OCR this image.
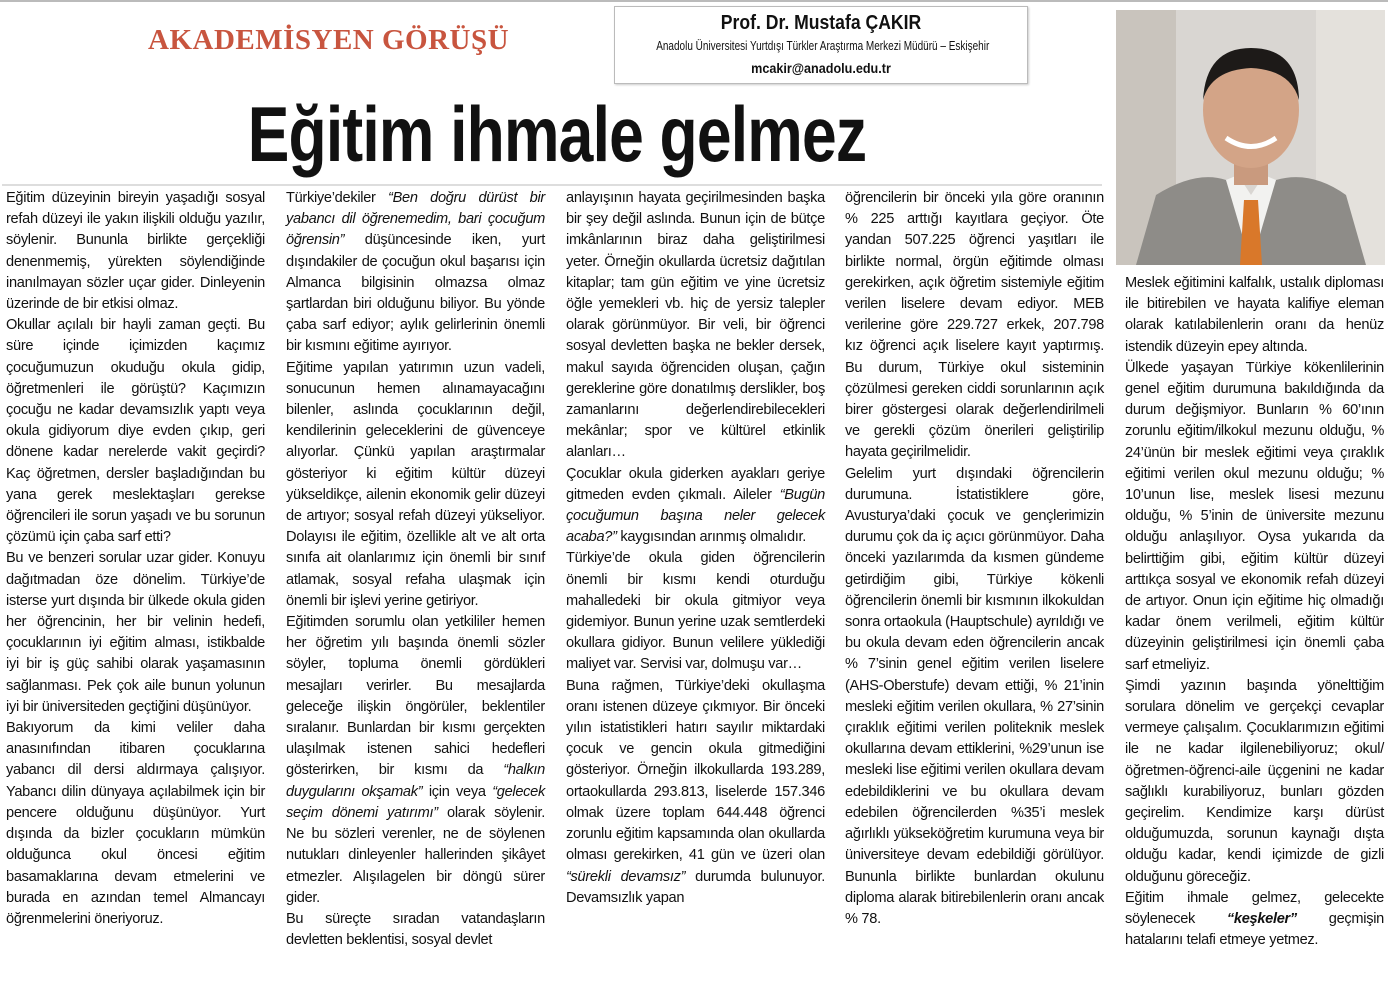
AKADEMİSYEN GÖRÜŞÜ
Prof. Dr. Mustafa ÇAKIR
Anadolu Üniversitesi Yurtdışı Türkler Araştırma Merkezi Müdürü – Eskişehir
mcakir@anadolu.edu.tr
Eğitim ihmale gelmez

Eğitim düzeyinin bireyin yaşadığı sosyal refah düzeyi ile yakın ilişkili olduğu yazılır, söylenir. Bununla birlikte gerçekliği denenmemiş, yürekten söylendiğinde inanılmayan sözler uçar gider. Dinleyenin üzerinde de bir etkisi olmaz.

Okullar açılalı bir hayli zaman geçti. Bu süre içinde içimizden kaçımız çocuğumuzun okuduğu okula gidip, öğretmenleri ile görüştü? Kaçımızın çocuğu ne kadar devamsızlık yaptı veya okula gidiyorum diye evden çıkıp, geri dönene kadar nerelerde vakit geçirdi? Kaç öğretmen, dersler başladığından bu yana gerek meslektaşları gerekse öğrencileri ile sorun yaşadı ve bu sorunun çözümü için çaba sarf etti?

Bu ve benzeri sorular uzar gider. Konuyu dağıtmadan öze dönelim. Türkiye’de isterse yurt dışında bir ülkede okula giden her öğrencinin, her bir velinin hedefi, çocuklarının iyi eğitim alması, istikbalde iyi bir iş güç sahibi olarak yaşamasının sağlanması. Pek çok aile bunun yolunun iyi bir üniversiteden geçtiğini düşünüyor.

Bakıyorum da kimi veliler daha anasınıfından itibaren çocuklarına yabancı dil dersi aldırmaya çalışıyor. Yabancı dilin dünyaya açılabilmek için bir pencere olduğunu düşünüyor. Yurt dışında da bizler çocukların mümkün olduğunca okul öncesi eğitim basamaklarına devam etmelerini ve burada en azından temel Almancayı öğrenmelerini öneriyoruz.

Türkiye’dekiler “Ben doğru dürüst bir yabancı dil öğrenemedim, bari çocuğum öğrensin” düşüncesinde iken, yurt dışındakiler de çocuğun okul başarısı için Almanca bilgisinin olmazsa olmaz şartlardan biri olduğunu biliyor. Bu yönde çaba sarf ediyor; aylık gelirlerinin önemli bir kısmını eğitime ayırıyor.

Eğitime yapılan yatırımın uzun vadeli, sonucunun hemen alınamayacağını bilenler, aslında çocuklarının değil, kendilerinin geleceklerini de güvenceye alıyorlar. Çünkü yapılan araştırmalar gösteriyor ki eğitim kültür düzeyi yükseldikçe, ailenin ekonomik gelir düzeyi de artıyor; sosyal refah düzeyi yükseliyor. Dolayısı ile eğitim, özellikle alt ve alt orta sınıfa ait olanlarımız için önemli bir sınıf atlamak, sosyal refaha ulaşmak için önemli bir işlevi yerine getiriyor.

Eğitimden sorumlu olan yetkililer hemen her öğretim yılı başında önemli sözler söyler, topluma önemli gördükleri mesajları verirler. Bu mesajlarda geleceğe ilişkin öngörüler, beklentiler sıralanır. Bunlardan bir kısmı gerçekten ulaşılmak istenen sahici hedefleri gösterirken, bir kısmı da “halkın duygularını okşamak” için veya “gelecek seçim dönemi yatırımı” olarak söylenir. Ne bu sözleri verenler, ne de söylenen nutukları dinleyenler hallerinden şikâyet etmezler. Alışılagelen bir döngü sürer gider.

Bu süreçte sıradan vatandaşların devletten beklentisi, sosyal devlet

anlayışının hayata geçirilmesinden başka bir şey değil aslında. Bunun için de bütçe imkânlarının biraz daha geliştirilmesi yeter. Örneğin okullarda ücretsiz dağıtılan kitaplar; tam gün eğitim ve yine ücretsiz öğle yemekleri vb. hiç de yersiz talepler olarak görünmüyor. Bir veli, bir öğrenci sosyal devletten başka ne bekler dersek, makul sayıda öğrenciden oluşan, çağın gereklerine göre donatılmış derslikler, boş zamanlarını değerlendirebilecekleri mekânlar; spor ve kültürel etkinlik alanları…

Çocuklar okula giderken ayakları geriye gitmeden evden çıkmalı. Aileler “Bugün çocuğumun başına neler gelecek acaba?” kaygısından arınmış olmalıdır.

Türkiye’de okula giden öğrencilerin önemli bir kısmı kendi oturduğu mahalledeki bir okula gitmiyor veya gidemiyor. Bunun yerine uzak semtlerdeki okullara gidiyor. Bunun velilere yüklediği maliyet var. Servisi var, dolmuşu var…

Buna rağmen, Türkiye’deki okullaşma oranı istenen düzeye çıkmıyor. Bir önceki yılın istatistikleri hatırı sayılır miktardaki çocuk ve gencin okula gitmediğini gösteriyor. Örneğin ilkokullarda 193.289, ortaokullarda 293.813, liselerde 157.346 olmak üzere toplam 644.448 öğrenci zorunlu eğitim kapsamında olan okullarda olması gerekirken, 41 gün ve üzeri olan “sürekli devamsız” durumda bulunuyor. Devamsızlık yapan

öğrencilerin bir önceki yıla göre oranının % 225 arttığı kayıtlara geçiyor. Öte yandan 507.225 öğrenci yaşıtları ile birlikte normal, örgün eğitimde olması gerekirken, açık öğretim sistemiyle eğitim verilen liselere devam ediyor. MEB verilerine göre 229.727 erkek, 207.798 kız öğrenci açık liselere kayıt yaptırmış. Bu durum, Türkiye okul sisteminin çözülmesi gereken ciddi sorunlarının açık birer göstergesi olarak değerlendirilmeli ve gerekli çözüm önerileri geliştirilip hayata geçirilmelidir.

Gelelim yurt dışındaki öğrencilerin durumuna. İstatistiklere göre, Avusturya’daki çocuk ve gençlerimizin durumu çok da iç açıcı görünmüyor. Daha önceki yazılarımda da kısmen gündeme getirdiğim gibi, Türkiye kökenli öğrencilerin önemli bir kısmının ilkokuldan sonra ortaokula (Hauptschule) ayrıldığı ve bu okula devam eden öğrencilerin ancak % 7’sinin genel eğitim verilen liselere (AHS-Oberstufe) devam ettiği, % 21’inin mesleki eğitim verilen okullara, % 27’sinin çıraklık eğitimi verilen politeknik meslek okullarına devam ettiklerini, %29’unun ise mesleki lise eğitimi verilen okullara devam edebildiklerini ve bu okullara devam edebilen öğrencilerden %35’i meslek ağırlıklı yükseköğretim kurumuna veya bir üniversiteye devam edebildiği görülüyor. Bununla birlikte bunlardan okulunu diploma alarak bitirebilenlerin oranı ancak % 78.

Meslek eğitimini kalfalık, ustalık diploması ile bitirebilen ve hayata kalifiye eleman olarak katılabilenlerin oranı da henüz istendik düzeyin epey altında.

Ülkede yaşayan Türkiye kökenlilerinin genel eğitim durumuna bakıldığında da durum değişmiyor. Bunların % 60’ının zorunlu eğitim/ilkokul mezunu olduğu, % 24’ünün bir meslek eğitimi veya çıraklık eğitimi verilen okul mezunu olduğu; % 10’unun lise, meslek lisesi mezunu olduğu, % 5’inin de üniversite mezunu olduğu anlaşılıyor. Oysa yukarıda da belirttiğim gibi, eğitim kültür düzeyi arttıkça sosyal ve ekonomik refah düzeyi de artıyor. Onun için eğitime hiç olmadığı kadar önem verilmeli, eğitim kültür düzeyinin geliştirilmesi için önemli çaba sarf etmeliyiz.

Şimdi yazının başında yönelttiğim sorulara dönelim ve gerçekçi cevaplar vermeye çalışalım. Çocuklarımızın eğitimi ile ne kadar ilgilenebiliyoruz; okul/öğretmen-öğrenci-aile üçgenini ne kadar sağlıklı kurabiliyoruz, bunları gözden geçirelim. Kendimize karşı dürüst olduğumuzda, sorunun kaynağı dışta olduğu kadar, kendi içimizde de gizli olduğunu göreceğiz.

Eğitim ihmale gelmez, gelecekte söylenecek “keşkeler” geçmişin hatalarını telafi etmeye yetmez.
